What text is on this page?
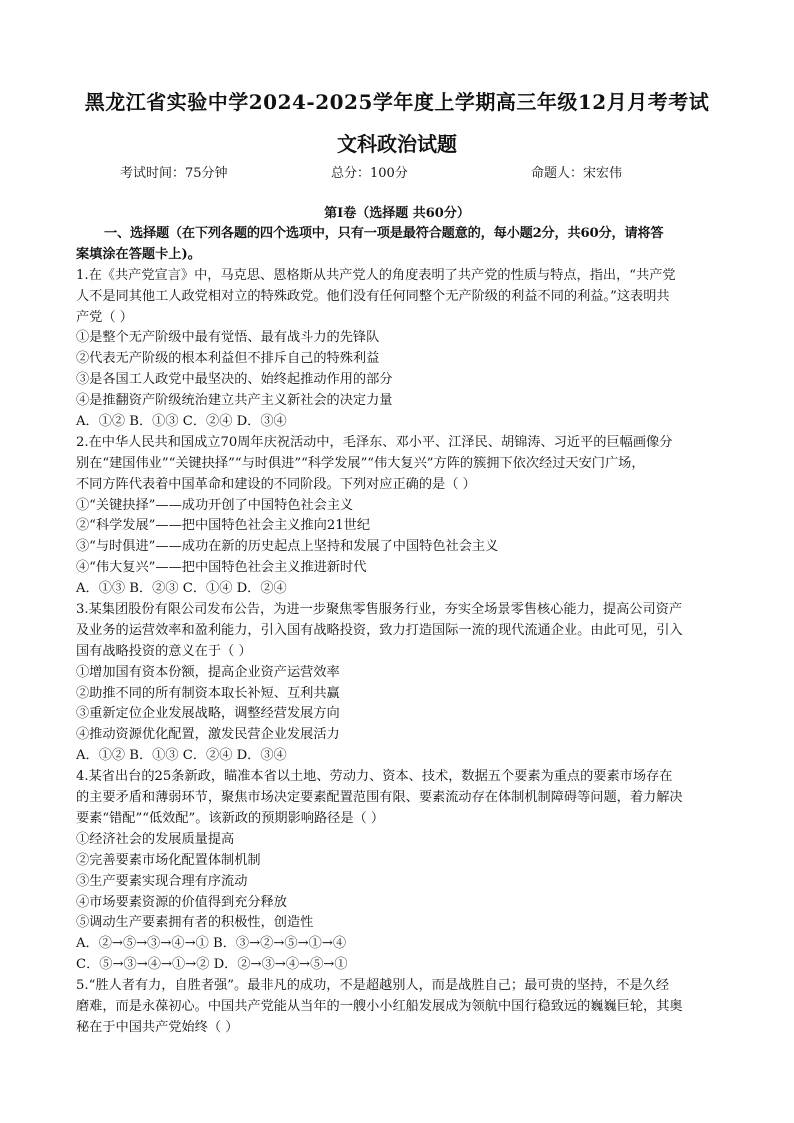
黑龙江省实验中学2024-2025学年度上学期高三年级12月月考考试
文科政治试题
考试时间：75分钟	总分：100分	命题人：宋宏伟
第Ⅰ卷（选择题 共60分）
一、选择题（在下列各题的四个选项中，只有一项是最符合题意的，每小题2分，共60分，请将答
案填涂在答题卡上)。
1.在《共产党宣言》中，马克思、恩格斯从共产党人的角度表明了共产党的性质与特点，指出，“共产党
人不是同其他工人政党相对立的特殊政党。他们没有任何同整个无产阶级的利益不同的利益。”这表明共
产党（ ）
①是整个无产阶级中最有觉悟、最有战斗力的先锋队
②代表无产阶级的根本利益但不排斥自己的特殊利益
③是各国工人政党中最坚决的、始终起推动作用的部分
④是推翻资产阶级统治建立共产主义新社会的决定力量
A．①② B．①③ C．②④ D．③④
2.在中华人民共和国成立70周年庆祝活动中，毛泽东、邓小平、江泽民、胡锦涛、习近平的巨幅画像分
别在“建国伟业”“关键抉择”“与时俱进”“科学发展”“伟大复兴”方阵的簇拥下依次经过天安门广场，
不同方阵代表着中国革命和建设的不同阶段。下列对应正确的是（ ）
①“关键抉择”——成功开创了中国特色社会主义
②“科学发展”——把中国特色社会主义推向21世纪
③“与时俱进”——成功在新的历史起点上坚持和发展了中国特色社会主义
④“伟大复兴”——把中国特色社会主义推进新时代
A．①③ B．②③ C．①④ D．②④
3.某集团股份有限公司发布公告，为进一步聚焦零售服务行业，夯实全场景零售核心能力，提高公司资产
及业务的运营效率和盈利能力，引入国有战略投资，致力打造国际一流的现代流通企业。由此可见，引入
国有战略投资的意义在于（ ）
①增加国有资本份额，提高企业资产运营效率
②助推不同的所有制资本取长补短、互利共赢
③重新定位企业发展战略，调整经营发展方向
④推动资源优化配置，激发民营企业发展活力
A．①② B．①③ C．②④ D．③④
4.某省出台的25条新政，瞄准本省以土地、劳动力、资本、技术，数据五个要素为重点的要素市场存在
的主要矛盾和薄弱环节，聚焦市场决定要素配置范围有限、要素流动存在体制机制障碍等问题，着力解决
要素“错配”“低效配”。该新政的预期影响路径是（ ）
①经济社会的发展质量提高
②完善要素市场化配置体制机制
③生产要素实现合理有序流动
④市场要素资源的价值得到充分释放
⑤调动生产要素拥有者的积极性，创造性
A．②→⑤→③→④→① B．③→②→⑤→①→④
C．⑤→③→④→①→② D．②→③→④→⑤→①
5.“胜人者有力，自胜者强”。最非凡的成功，不是超越别人，而是战胜自己；最可贵的坚持，不是久经
磨难，而是永葆初心。中国共产党能从当年的一艘小小红船发展成为领航中国行稳致远的巍巍巨轮，其奥
秘在于中国共产党始终（ ）
